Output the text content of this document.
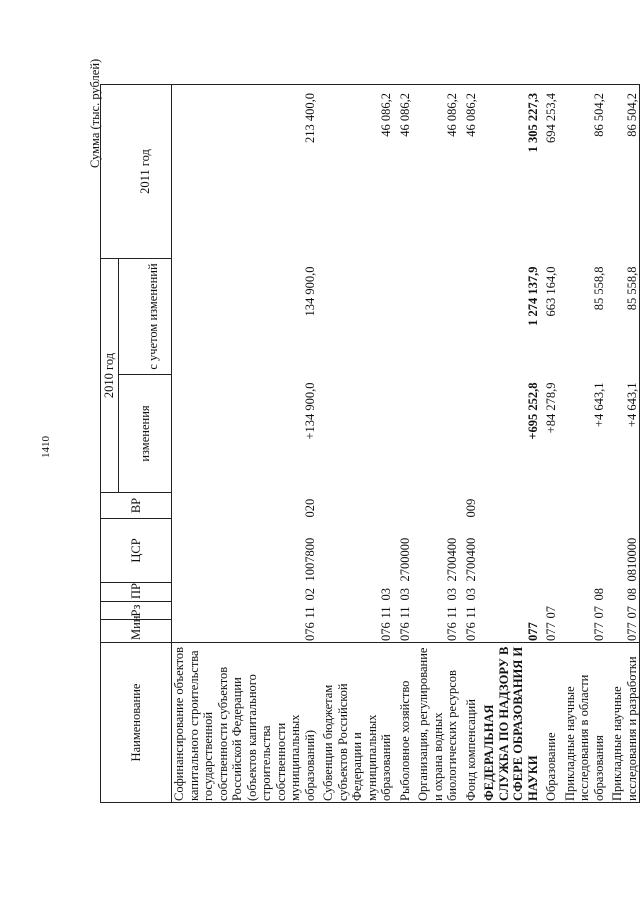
1410
Сумма (тыс. рублей)
Наименование	Мин	Рз	ПР	ЦСР	ВР	2010 год		
						изменения		2011 год
							с учетом изменений	
Софинансирование объектов капитального строительства государственной собственности субъектов Российской Федерации (объектов капитального строительства собственности муниципальных образований)	076	11	02	1007800	020	+134 900,0	134 900,0	213 400,0
Субвенции бюджетам субъектов Российской Федерации и муниципальных образований	076	11	03					46 086,2
Рыболовное хозяйство	076	11	03	2700000				46 086,2
Организация, регулирование и охрана водных биологических ресурсов	076	11	03	2700400				46 086,2
Фонд компенсаций	076	11	03	2700400	009			46 086,2
ФЕДЕРАЛЬНАЯ СЛУЖБА ПО НАДЗОРУ В СФЕРЕ ОБРАЗОВАНИЯ И НАУКИ	077					+695 252,8	1 274 137,9	1 305 227,3
Образование	077	07				+84 278,9	663 164,0	694 253,4
Прикладные научные исследования в области образования	077	07	08			+4 643,1	85 558,8	86 504,2
Прикладные научные исследования и разработки	077	07	08	0810000		+4 643,1	85 558,8	86 504,2
